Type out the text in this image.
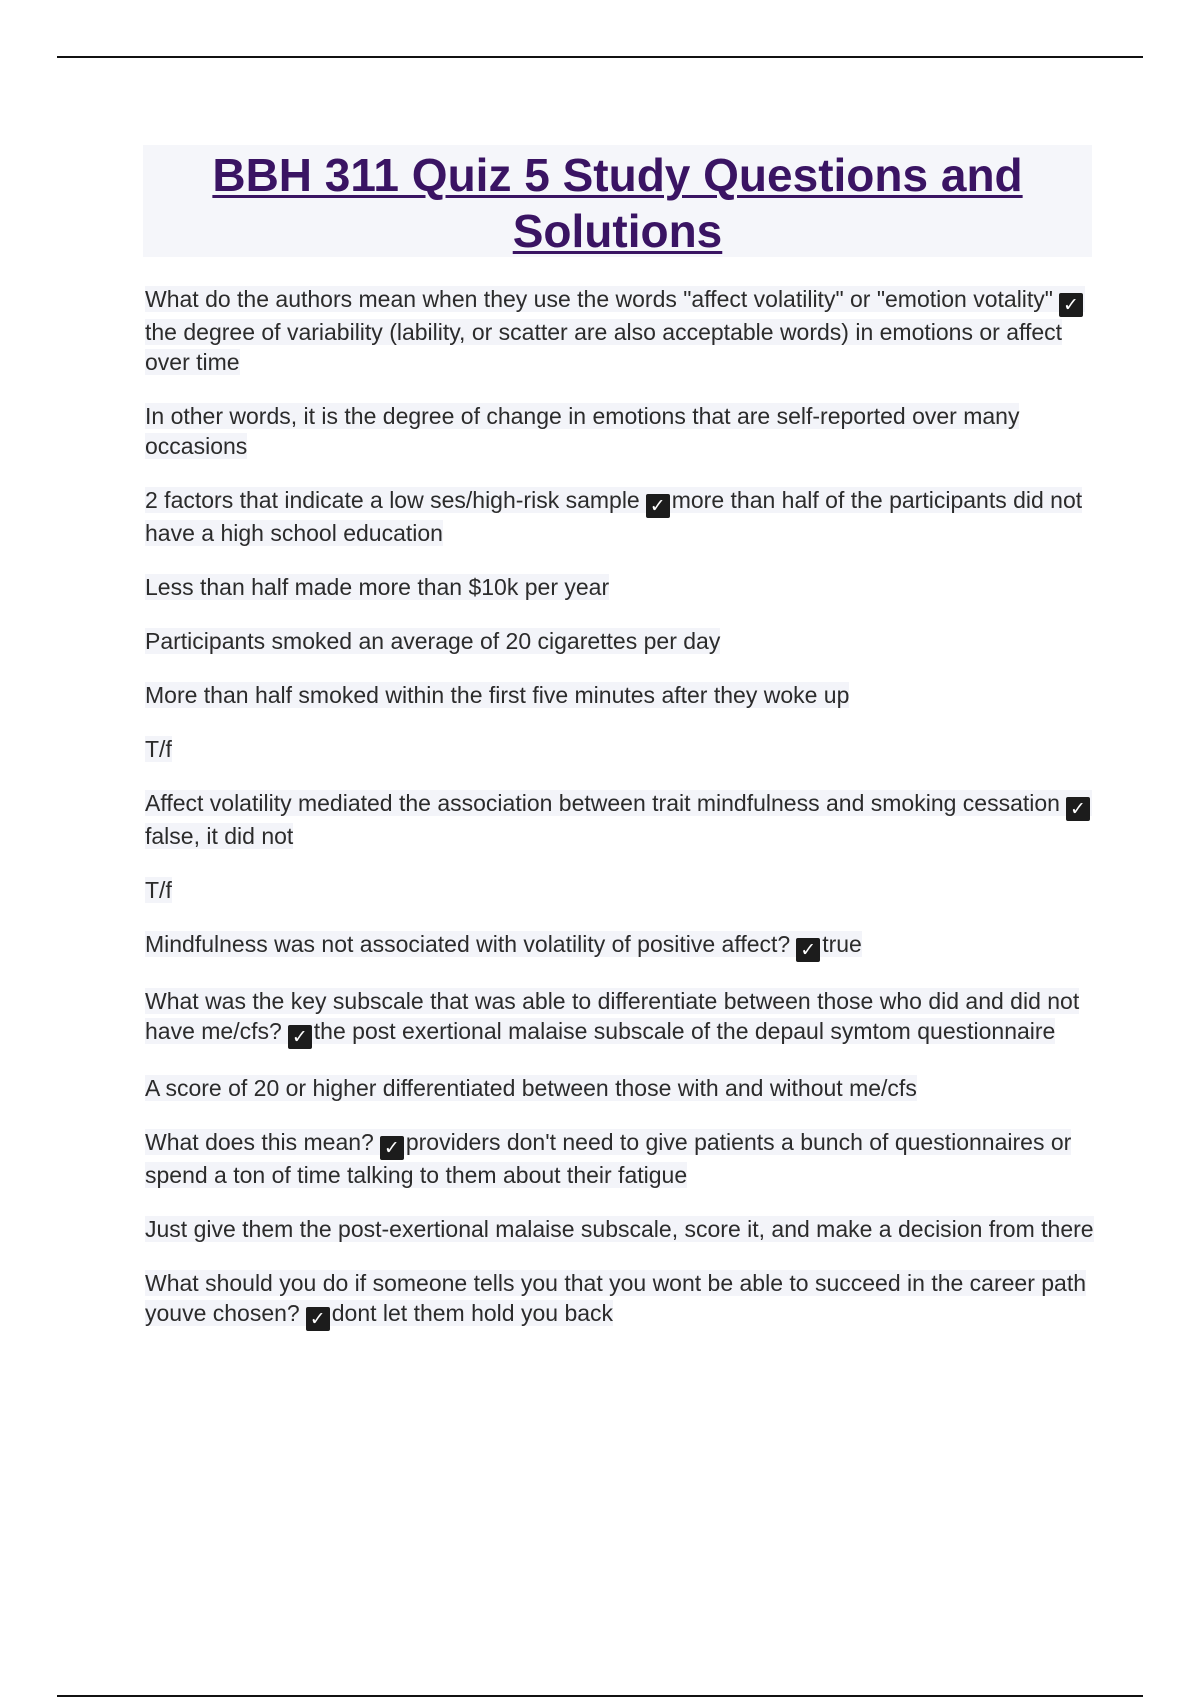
BBH 311 Quiz 5 Study Questions and Solutions
What do the authors mean when they use the words "affect volatility" or "emotion votality" ✓the degree of variability (lability, or scatter are also acceptable words) in emotions or affect over time
In other words, it is the degree of change in emotions that are self-reported over many occasions
2 factors that indicate a low ses/high-risk sample ✓ more than half of the participants did not have a high school education
Less than half made more than $10k per year
Participants smoked an average of 20 cigarettes per day
More than half smoked within the first five minutes after they woke up
T/f
Affect volatility mediated the association between trait mindfulness and smoking cessation ✓false, it did not
T/f
Mindfulness was not associated with volatility of positive affect? ✓ true
What was the key subscale that was able to differentiate between those who did and did not have me/cfs? ✓ the post exertional malaise subscale of the depaul symtom questionnaire
A score of 20 or higher differentiated between those with and without me/cfs
What does this mean? ✓ providers don't need to give patients a bunch of questionnaires or spend a ton of time talking to them about their fatigue
Just give them the post-exertional malaise subscale, score it, and make a decision from there
What should you do if someone tells you that you wont be able to succeed in the career path youve chosen? ✓ dont let them hold you back
